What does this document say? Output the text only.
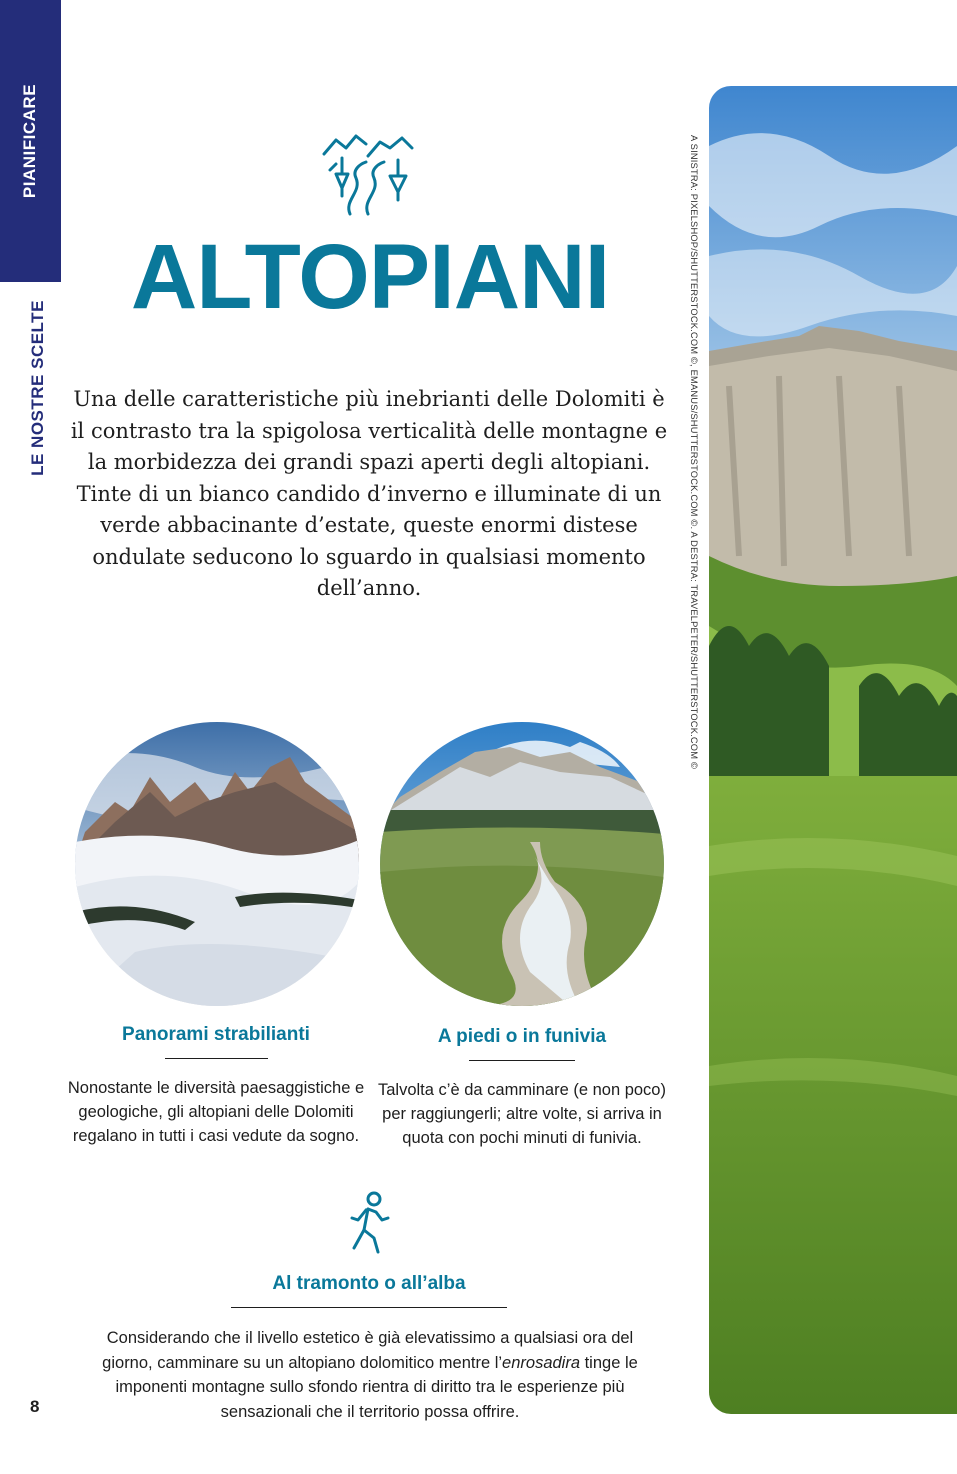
PIANIFICARE
LE NOSTRE SCELTE
ALTOPIANI

Una delle caratteristiche più inebrianti delle Dolomiti è il contrasto tra la spigolosa verticalità delle montagne e la morbidezza dei grandi spazi aperti degli altopiani. Tinte di un bianco candido d’inverno e illuminate di un verde abbacinante d’estate, queste enormi distese ondulate seducono lo sguardo in qualsiasi momento dell’anno.

Panorami strabilianti

Nonostante le diversità paesaggistiche e geologiche, gli altopiani delle Dolomiti regalano in tutti i casi vedute da sogno.

A piedi o in funivia

Talvolta c’è da camminare (e non poco) per raggiungerli; altre volte, si arriva in quota con pochi minuti di funivia.

Al tramonto o all’alba

Considerando che il livello estetico è già elevatissimo a qualsiasi ora del giorno, camminare su un altopiano dolomitico mentre l’enrosadira tinge le imponenti montagne sullo sfondo rientra di diritto tra le esperienze più sensazionali che il territorio possa offrire.

8
A SINISTRA: PIXELSHOP/SHUTTERSTOCK.COM ©, EMANUS/SHUTTERSTOCK.COM ©. A DESTRA: TRAVELPETER/SHUTTERSTOCK.COM ©
